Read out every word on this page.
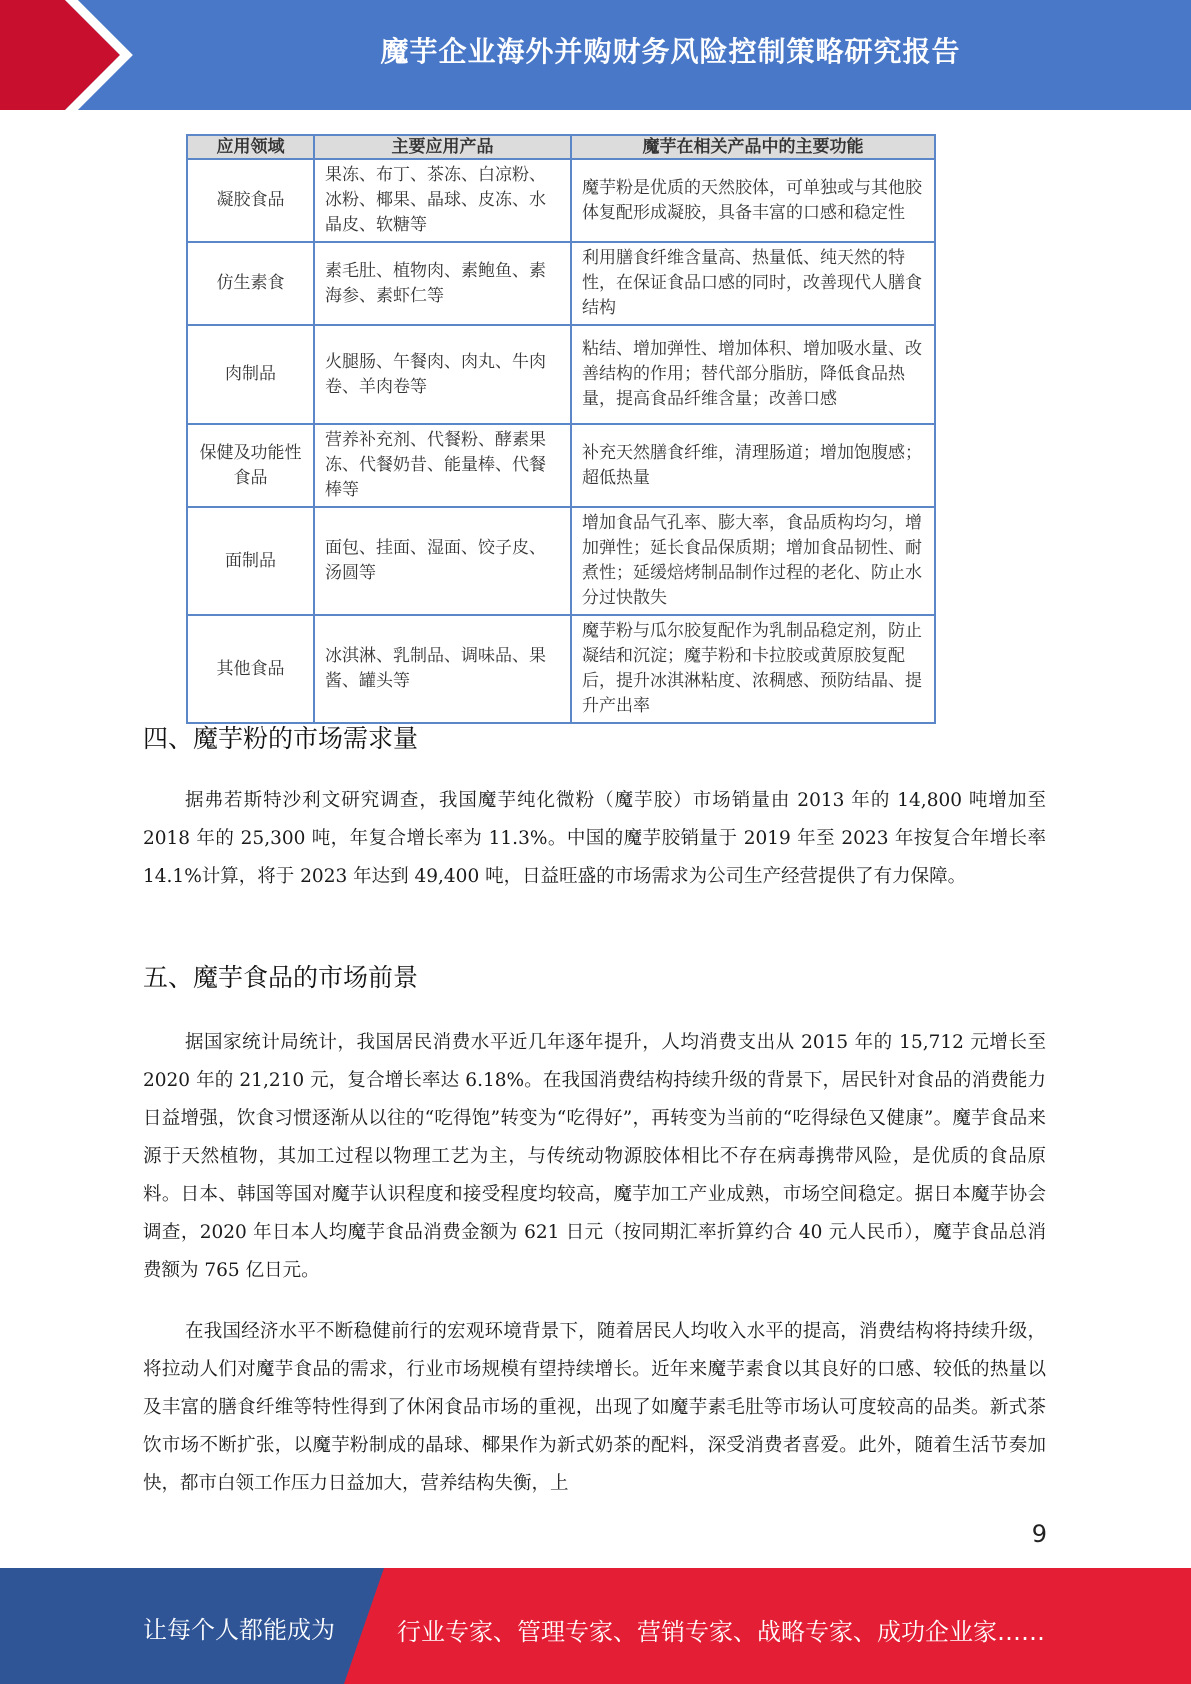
魔芋企业海外并购财务风险控制策略研究报告
应用领域	主要应用产品	魔芋在相关产品中的主要功能
凝胶食品	果冻、布丁、茶冻、白凉粉、冰粉、椰果、晶球、皮冻、水晶皮、软糖等	魔芋粉是优质的天然胶体，可单独或与其他胶体复配形成凝胶，具备丰富的口感和稳定性
仿生素食	素毛肚、植物肉、素鲍鱼、素海参、素虾仁等	利用膳食纤维含量高、热量低、纯天然的特性，在保证食品口感的同时，改善现代人膳食结构
肉制品	火腿肠、午餐肉、肉丸、牛肉卷、羊肉卷等	粘结、增加弹性、增加体积、增加吸水量、改善结构的作用；替代部分脂肪，降低食品热量，提高食品纤维含量；改善口感
保健及功能性食品	营养补充剂、代餐粉、酵素果冻、代餐奶昔、能量棒、代餐棒等	补充天然膳食纤维，清理肠道；增加饱腹感；超低热量
面制品	面包、挂面、湿面、饺子皮、汤圆等	增加食品气孔率、膨大率，食品质构均匀，增加弹性；延长食品保质期；增加食品韧性、耐煮性；延缓焙烤制品制作过程的老化、防止水分过快散失
其他食品	冰淇淋、乳制品、调味品、果酱、罐头等	魔芋粉与瓜尔胶复配作为乳制品稳定剂，防止凝结和沉淀；魔芋粉和卡拉胶或黄原胶复配后，提升冰淇淋粘度、浓稠感、预防结晶、提升产出率
四、魔芋粉的市场需求量
据弗若斯特沙利文研究调查，我国魔芋纯化微粉（魔芋胶）市场销量由 2013 年的 14,800 吨增加至 2018 年的 25,300 吨，年复合增长率为 11.3%。中国的魔芋胶销量于 2019 年至 2023 年按复合年增长率 14.1%计算，将于 2023 年达到 49,400 吨，日益旺盛的市场需求为公司生产经营提供了有力保障。
五、魔芋食品的市场前景
据国家统计局统计，我国居民消费水平近几年逐年提升，人均消费支出从 2015 年的 15,712 元增长至 2020 年的 21,210 元，复合增长率达 6.18%。在我国消费结构持续升级的背景下，居民针对食品的消费能力日益增强，饮食习惯逐渐从以往的“吃得饱”转变为“吃得好”，再转变为当前的“吃得绿色又健康”。魔芋食品来源于天然植物，其加工过程以物理工艺为主，与传统动物源胶体相比不存在病毒携带风险，是优质的食品原料。日本、韩国等国对魔芋认识程度和接受程度均较高，魔芋加工产业成熟，市场空间稳定。据日本魔芋协会调查，2020 年日本人均魔芋食品消费金额为 621 日元（按同期汇率折算约合 40 元人民币），魔芋食品总消费额为 765 亿日元。
在我国经济水平不断稳健前行的宏观环境背景下，随着居民人均收入水平的提高，消费结构将持续升级，将拉动人们对魔芋食品的需求，行业市场规模有望持续增长。近年来魔芋素食以其良好的口感、较低的热量以及丰富的膳食纤维等特性得到了休闲食品市场的重视，出现了如魔芋素毛肚等市场认可度较高的品类。新式茶饮市场不断扩张，以魔芋粉制成的晶球、椰果作为新式奶茶的配料，深受消费者喜爱。此外，随着生活节奏加快，都市白领工作压力日益加大，营养结构失衡，上
9
让每个人都能成为	行业专家、管理专家、营销专家、战略专家、成功企业家……
